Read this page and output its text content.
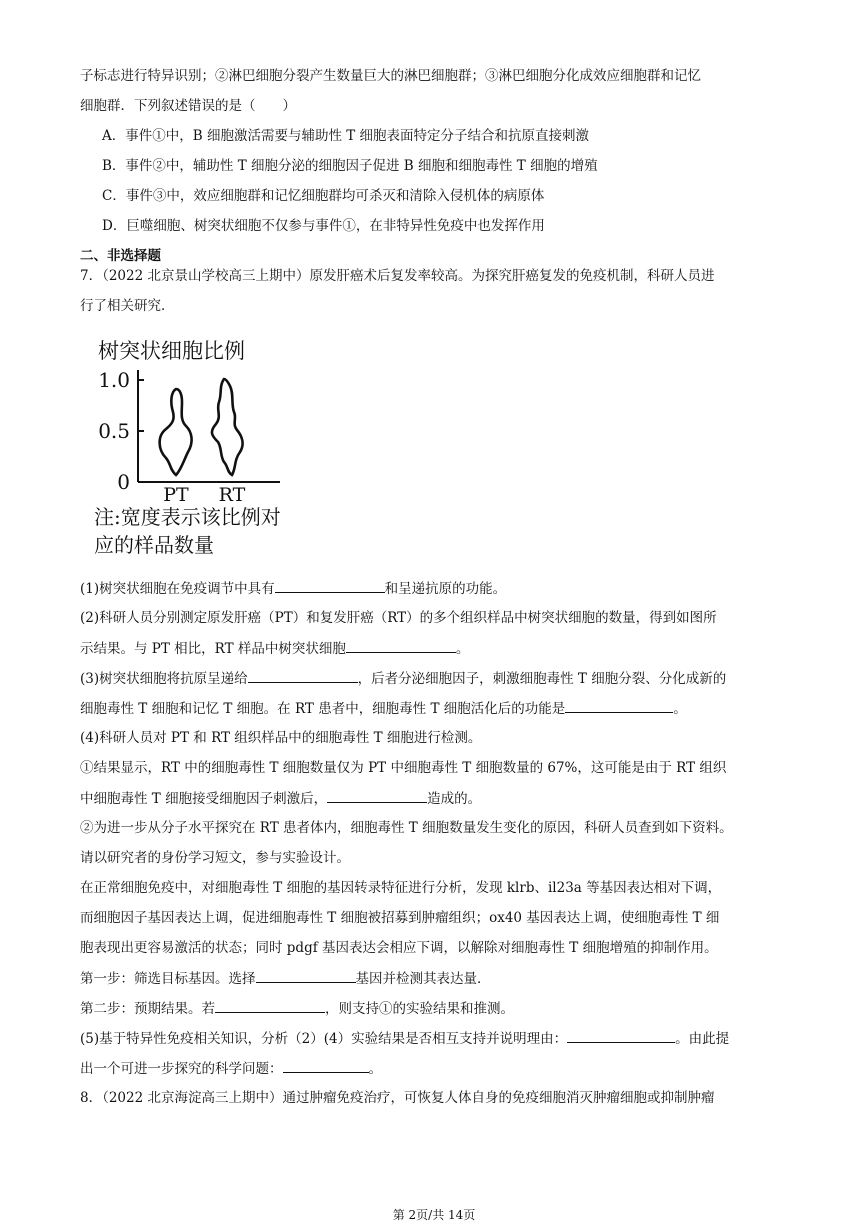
子标志进行特异识别；②淋巴细胞分裂产生数量巨大的淋巴细胞群；③淋巴细胞分化成效应细胞群和记忆
细胞群．下列叙述错误的是（　　）
A．事件①中，B 细胞激活需要与辅助性 T 细胞表面特定分子结合和抗原直接刺激
B．事件②中，辅助性 T 细胞分泌的细胞因子促进 B 细胞和细胞毒性 T 细胞的增殖
C．事件③中，效应细胞群和记忆细胞群均可杀灭和清除入侵机体的病原体
D．巨噬细胞、树突状细胞不仅参与事件①，在非特异性免疫中也发挥作用
二、非选择题
7．（2022 北京景山学校高三上期中）原发肝癌术后复发率较高。为探究肝癌复发的免疫机制，科研人员进
行了相关研究．
树突状细胞比例
1.0
0.5
0
PT RT
注:宽度表示该比例对
应的样品数量
(1)树突状细胞在免疫调节中具有	和呈递抗原的功能。
(2)科研人员分别测定原发肝癌（PT）和复发肝癌（RT）的多个组织样品中树突状细胞的数量，得到如图所
示结果。与 PT 相比，RT 样品中树突状细胞	。
(3)树突状细胞将抗原呈递给	，后者分泌细胞因子，刺激细胞毒性 T 细胞分裂、分化成新的
细胞毒性 T 细胞和记忆 T 细胞。在 RT 患者中，细胞毒性 T 细胞活化后的功能是	。
(4)科研人员对 PT 和 RT 组织样品中的细胞毒性 T 细胞进行检测。
①结果显示，RT 中的细胞毒性 T 细胞数量仅为 PT 中细胞毒性 T 细胞数量的 67%，这可能是由于 RT 组织
中细胞毒性 T 细胞接受细胞因子刺激后，	造成的。
②为进一步从分子水平探究在 RT 患者体内，细胞毒性 T 细胞数量发生变化的原因，科研人员查到如下资料。
请以研究者的身份学习短文，参与实验设计。
在正常细胞免疫中，对细胞毒性 T 细胞的基因转录特征进行分析，发现 klrb、il23a 等基因表达相对下调，
而细胞因子基因表达上调，促进细胞毒性 T 细胞被招募到肿瘤组织；ox40 基因表达上调，使细胞毒性 T 细
胞表现出更容易激活的状态；同时 pdgf 基因表达会相应下调，以解除对细胞毒性 T 细胞增殖的抑制作用。
第一步：筛选目标基因。选择	基因并检测其表达量．
第二步：预期结果。若	，则支持①的实验结果和推测。
(5)基于特异性免疫相关知识，分析（2）(4）实验结果是否相互支持并说明理由：	。由此提
出一个可进一步探究的科学问题：	。
8．（2022 北京海淀高三上期中）通过肿瘤免疫治疗，可恢复人体自身的免疫细胞消灭肿瘤细胞或抑制肿瘤
第 2页/共 14页
